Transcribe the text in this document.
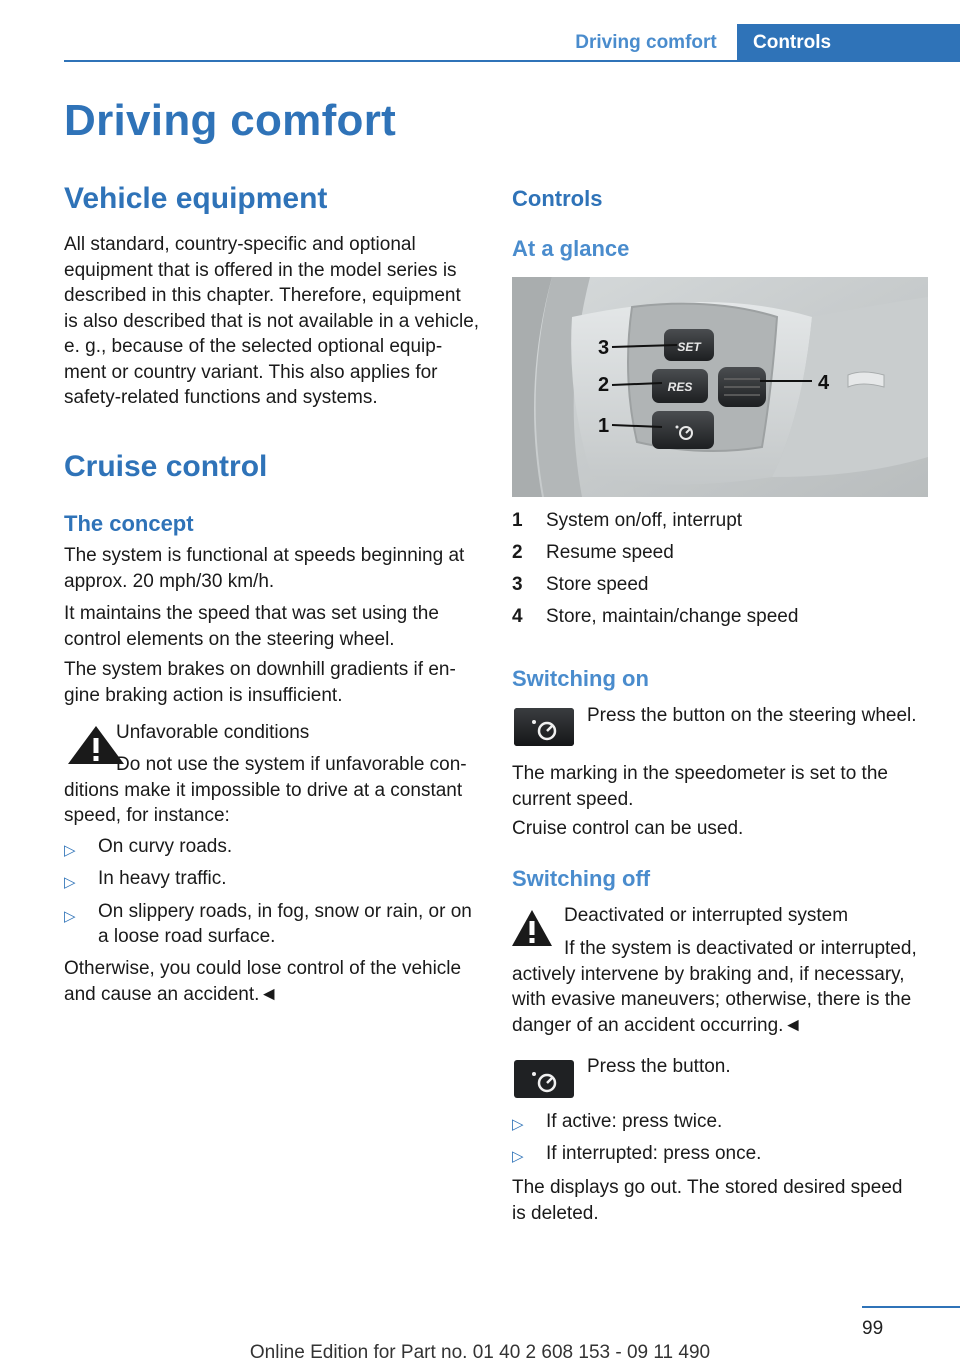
Driving comfort	Controls
Driving comfort
Vehicle equipment
All standard, country-specific and optional
equipment that is offered in the model series is
described in this chapter. Therefore, equipment
is also described that is not available in a vehicle,
e. g., because of the selected optional equip-
ment or country variant. This also applies for
safety-related functions and systems.
Cruise control
The concept
The system is functional at speeds beginning at
approx. 20 mph/30 km/h.
It maintains the speed that was set using the
control elements on the steering wheel.
The system brakes on downhill gradients if en-
gine braking action is insufficient.
Unfavorable conditions
Do not use the system if unfavorable con-
ditions make it impossible to drive at a constant
speed, for instance:
▷ On curvy roads.
▷ In heavy traffic.
▷ On slippery roads, in fog, snow or rain, or on
a loose road surface.
Otherwise, you could lose control of the vehicle
and cause an accident.◄
Controls
At a glance
SET
RES
3
2
1
4
1 System on/off, interrupt
2 Resume speed
3 Store speed
4 Store, maintain/change speed
Switching on
Press the button on the steering wheel.
The marking in the speedometer is set to the
current speed.
Cruise control can be used.
Switching off
Deactivated or interrupted system
If the system is deactivated or interrupted,
actively intervene by braking and, if necessary,
with evasive maneuvers; otherwise, there is the
danger of an accident occurring.◄
Press the button.
▷ If active: press twice.
▷ If interrupted: press once.
The displays go out. The stored desired speed
is deleted.
99
Online Edition for Part no. 01 40 2 608 153 - 09 11 490
